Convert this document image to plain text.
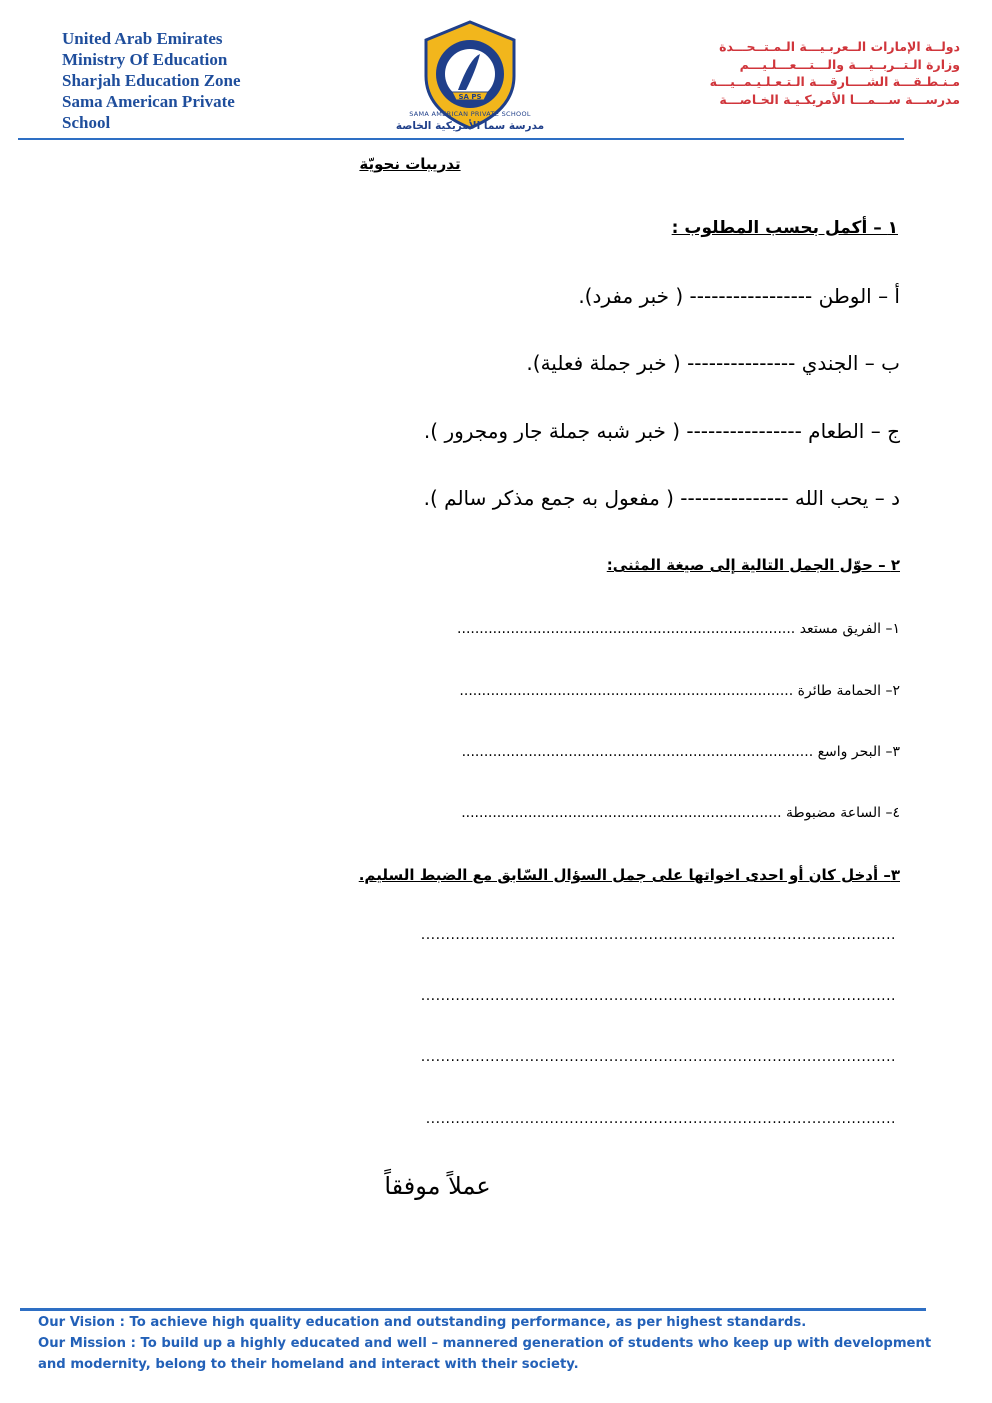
United Arab Emirates
Ministry Of Education
Sharjah Education Zone
Sama American Private
School
SA PS
SAMA AMERICAN PRIVATE SCHOOL
مدرسة سما الأمريكية الخاصة
دولــة الإمارات الــعربـيـــة الـمـتــحـــدة
وزارة الـتــربــيـــة والـــتـــعـــلـيـــم
مـنـطـقـــة الشــــارقـــة الـتـعـلـيـمــيـــة
مدرســـة ســـمـــا الأمريكـيـة الخـاصـــة
تدريبات نحويّة
١ – أكمل بحسب المطلوب :
أ – الوطن ----------------- ( خبر مفرد).
ب – الجندي --------------- ( خبر جملة فعلية).
ج – الطعام ---------------- ( خبر شبه جملة جار ومجرور ).
د – يحب الله --------------- ( مفعول به جمع مذكر سالم ).
٢ – حوّل الجمل التالية إلى صيغة المثنى:
١– الفريق مستعد ............................................................................
٢– الحمامة طائرة ...........................................................................
٣– البحر واسع ...............................................................................
٤– الساعة مضبوطة ........................................................................
٣– أدخل كان أو احدى اخواتها على جمل السؤال السّابق مع الضبط السليم.
................................................................................................
................................................................................................
................................................................................................
...............................................................................................
عملاً موفقاً
Our Vision : To achieve high quality education and outstanding performance, as per highest standards.
Our Mission : To build up a highly educated and well – mannered generation of students who keep up with development
and modernity, belong to their homeland and interact with their society.
